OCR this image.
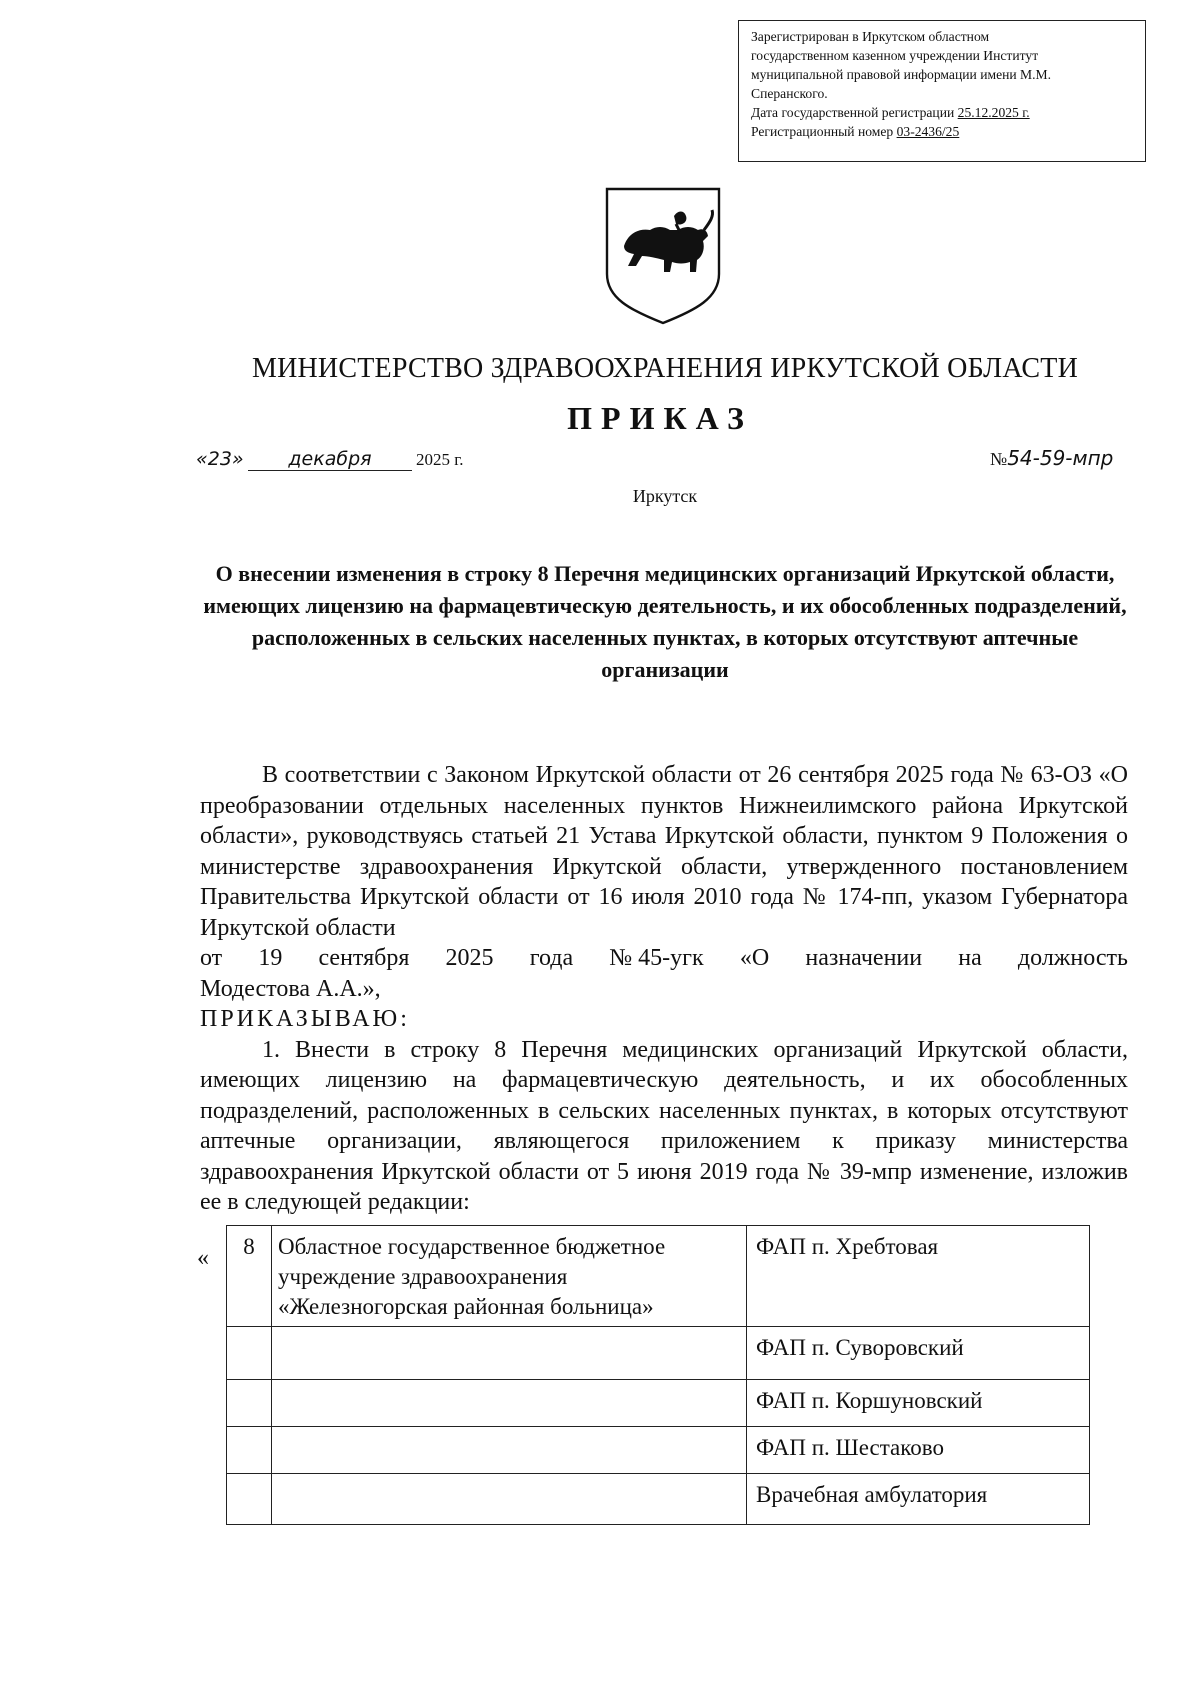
Зарегистрирован в Иркутском областном
государственном казенном учреждении Институт
муниципальной правовой информации имени М.М.
Сперанского.
Дата государственной регистрации 25.12.2025 г.
Регистрационный номер 03-2436/25
МИНИСТЕРСТВО ЗДРАВООХРАНЕНИЯ ИРКУТСКОЙ ОБЛАСТИ
ПРИКАЗ
«23»	декабря	2025 г.	№54-59-мпр
Иркутск
О внесении изменения в строку 8 Перечня медицинских организаций Иркутской области, имеющих лицензию на фармацевтическую деятельность, и их обособленных подразделений, расположенных в сельских населенных пунктах, в которых отсутствуют аптечные организации

В соответствии с Законом Иркутской области от 26 сентября 2025 года № 63-ОЗ «О преобразовании отдельных населенных пунктов Нижнеилимского района Иркутской области», руководствуясь статьей 21 Устава Иркутской области, пунктом 9 Положения о министерстве здравоохранения Иркутской области, утвержденного постановлением Правительства Иркутской области от 16 июля 2010 года № 174-пп, указом Губернатора Иркутской области

от 19 сентября 2025 года № 45-угк «О назначении на должность

Модестова А.А.»,

ПРИКАЗЫВАЮ:

1. Внести в строку 8 Перечня медицинских организаций Иркутской области, имеющих лицензию на фармацевтическую деятельность, и их обособленных подразделений, расположенных в сельских населенных пунктах, в которых отсутствуют аптечные организации, являющегося приложением к приказу министерства здравоохранения Иркутской области от 5 июня 2019 года № 39-мпр изменение, изложив ее в следующей редакции:

« 8	Областное государственное бюджетное учреждение здравоохранения «Железногорская районная больница»	ФАП п. Хребтовая
		ФАП п. Суворовский
		ФАП п. Коршуновский
		ФАП п. Шестаково
		Врачебная амбулатория
